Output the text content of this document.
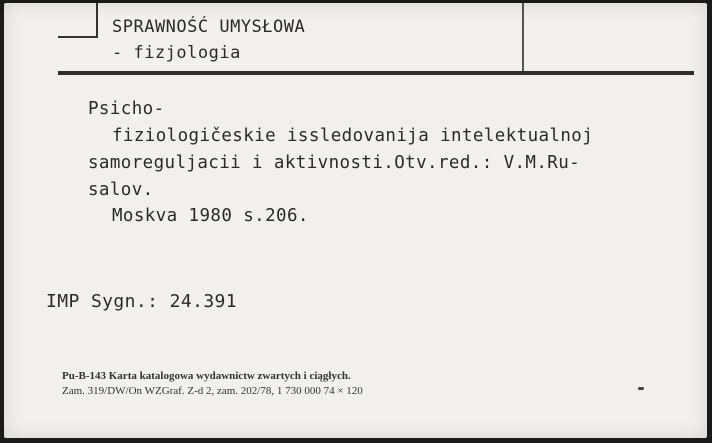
SPRAWNOŚĆ UMYSŁOWA
- fizjologia
Psicho-
fiziologičeskie issledovanija intelektualnoj
samoreguljacii i aktivnosti.Otv.red.: V.M.Ru-
salov.
Moskva 1980 s.206.
IMP Sygn.: 24.391
Pu-B-143 Karta katalogowa wydawnictw zwartych i ciągłych.
Zam. 319/DW/On WZGraf. Z-d 2, zam. 202/78, 1 730 000 74 × 120
